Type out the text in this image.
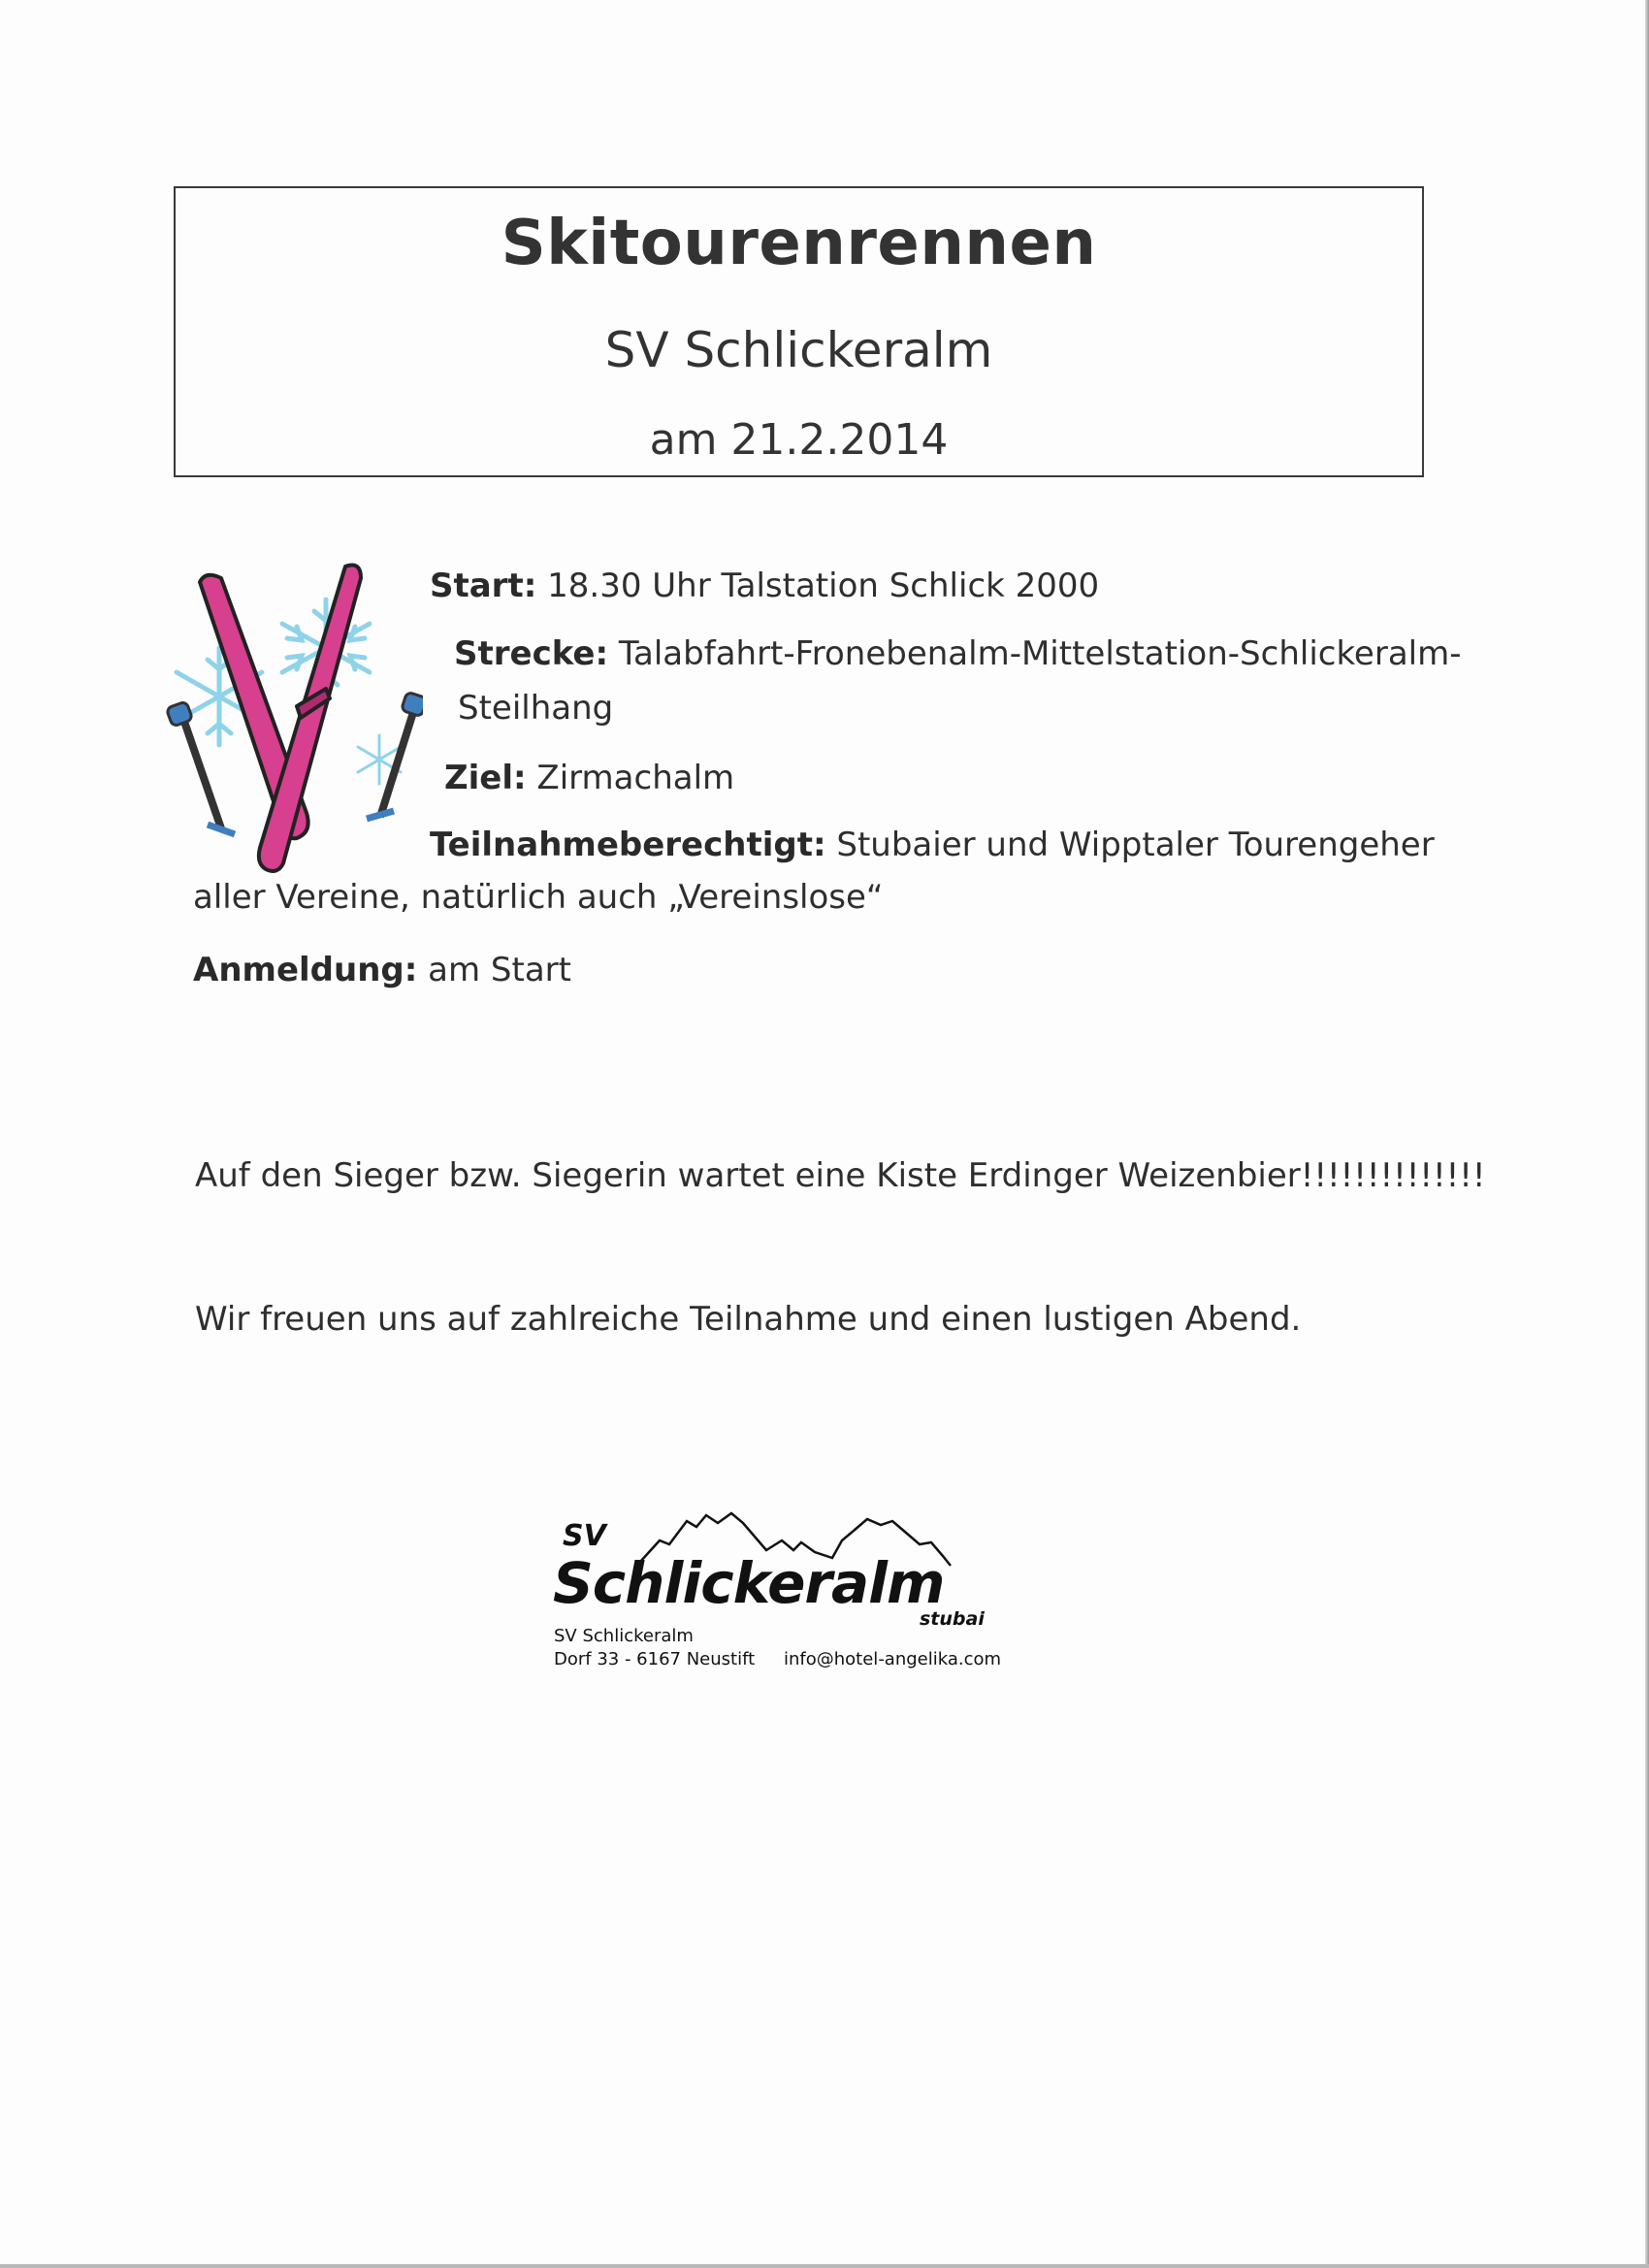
Skitourenrennen
SV Schlickeralm
am 21.2.2014
Start: 18.30 Uhr Talstation Schlick 2000
Strecke: Talabfahrt-Fronebenalm-Mittelstation-Schlickeralm-
Steilhang
Ziel: Zirmachalm
Teilnahmeberechtigt: Stubaier und Wipptaler Tourengeher
aller Vereine, natürlich auch „Vereinslose“
Anmeldung: am Start
Auf den Sieger bzw. Siegerin wartet eine Kiste Erdinger Weizenbier!!!!!!!!!!!!!!
Wir freuen uns auf zahlreiche Teilnahme und einen lustigen Abend.
SV
Schlickeralm
stubai
SV Schlickeralm
Dorf 33 - 6167 Neustift info@hotel-angelika.com
